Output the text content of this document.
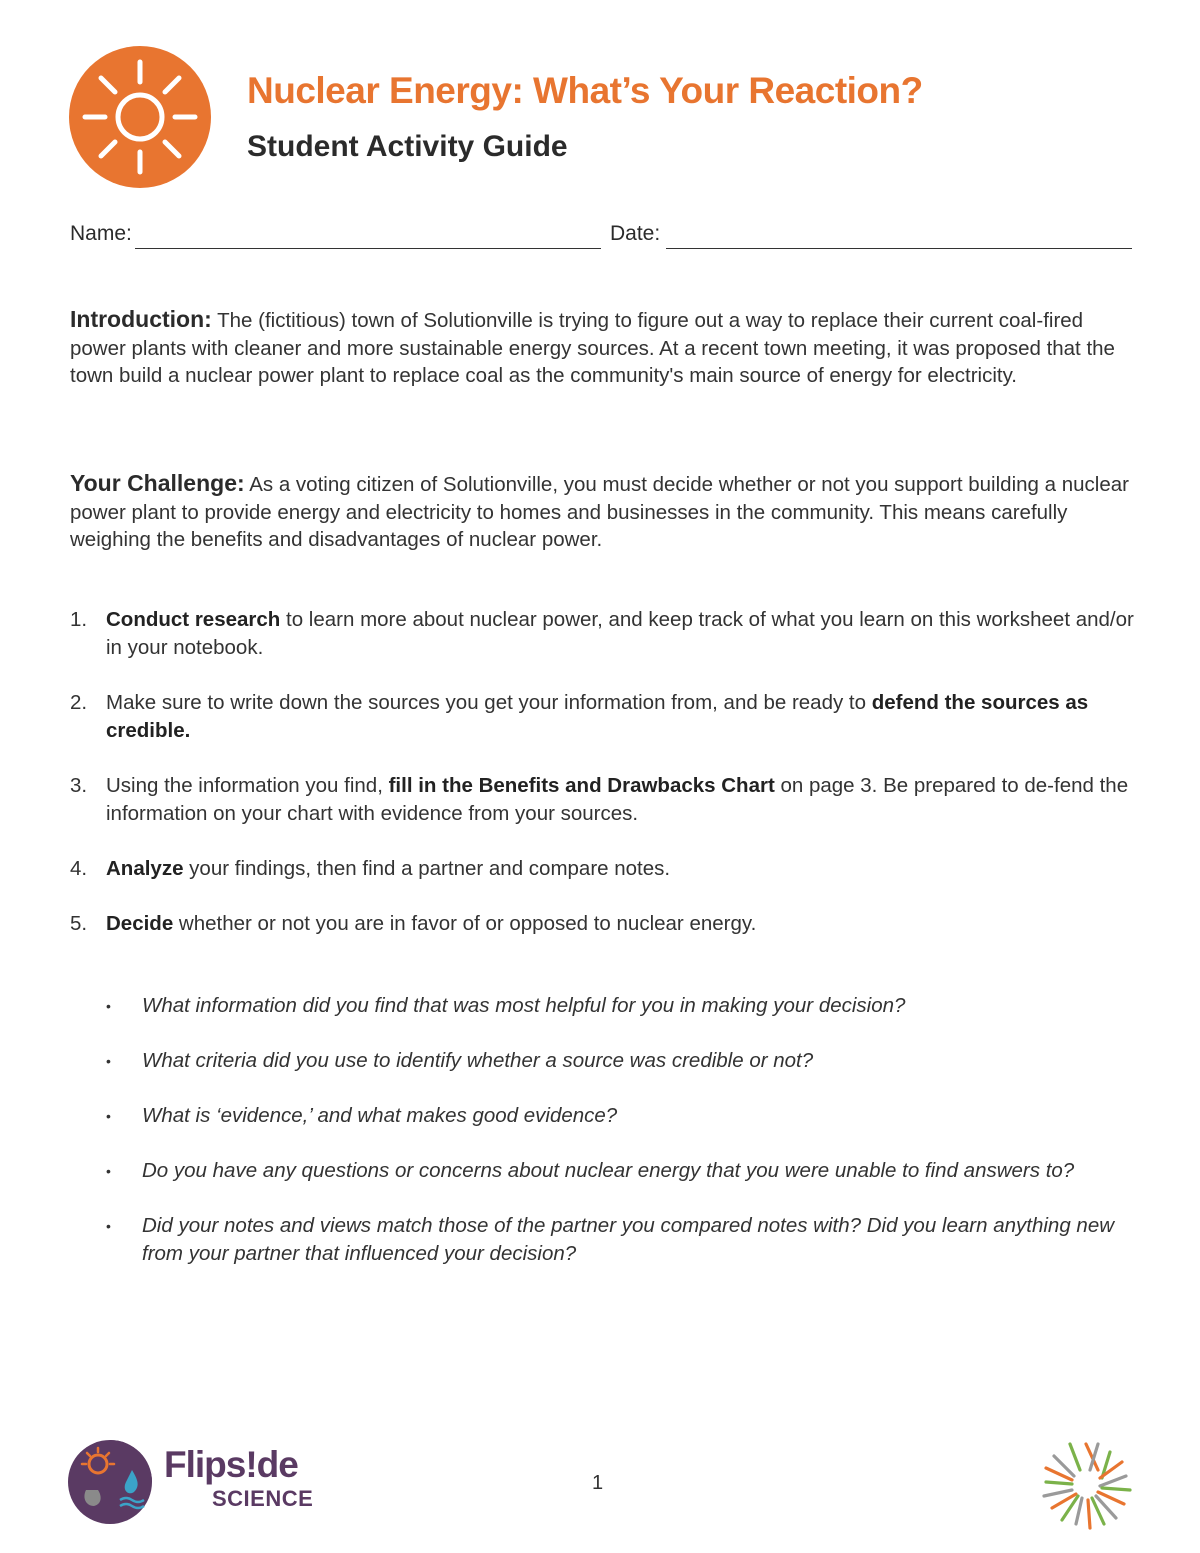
Nuclear Energy: What’s Your Reaction?
Student Activity Guide
Name:	Date:

Introduction: The (fictitious) town of Solutionville is trying to figure out a way to replace their current coal-fired power plants with cleaner and more sustainable energy sources. At a recent town meeting, it was proposed that the town build a nuclear power plant to replace coal as the community's main source of energy for electricity.

Your Challenge: As a voting citizen of Solutionville, you must decide whether or not you support building a nuclear power plant to provide energy and electricity to homes and businesses in the community. This means carefully weighing the benefits and disadvantages of nuclear power.

1. Conduct research to learn more about nuclear power, and keep track of what you learn on this worksheet and/or in your notebook.
2. Make sure to write down the sources you get your information from, and be ready to defend the sources as credible.
3. Using the information you find, fill in the Benefits and Drawbacks Chart on page 3. Be prepared to de-fend the information on your chart with evidence from your sources.
4. Analyze your findings, then find a partner and compare notes.
5. Decide whether or not you are in favor of or opposed to nuclear energy.
• What information did you find that was most helpful for you in making your decision?
• What criteria did you use to identify whether a source was credible or not?
• What is ‘evidence,’ and what makes good evidence?
• Do you have any questions or concerns about nuclear energy that you were unable to find answers to?
• Did your notes and views match those of the partner you compared notes with? Did you learn anything new from your partner that influenced your decision?

Flips!de

SCIENCE

1
